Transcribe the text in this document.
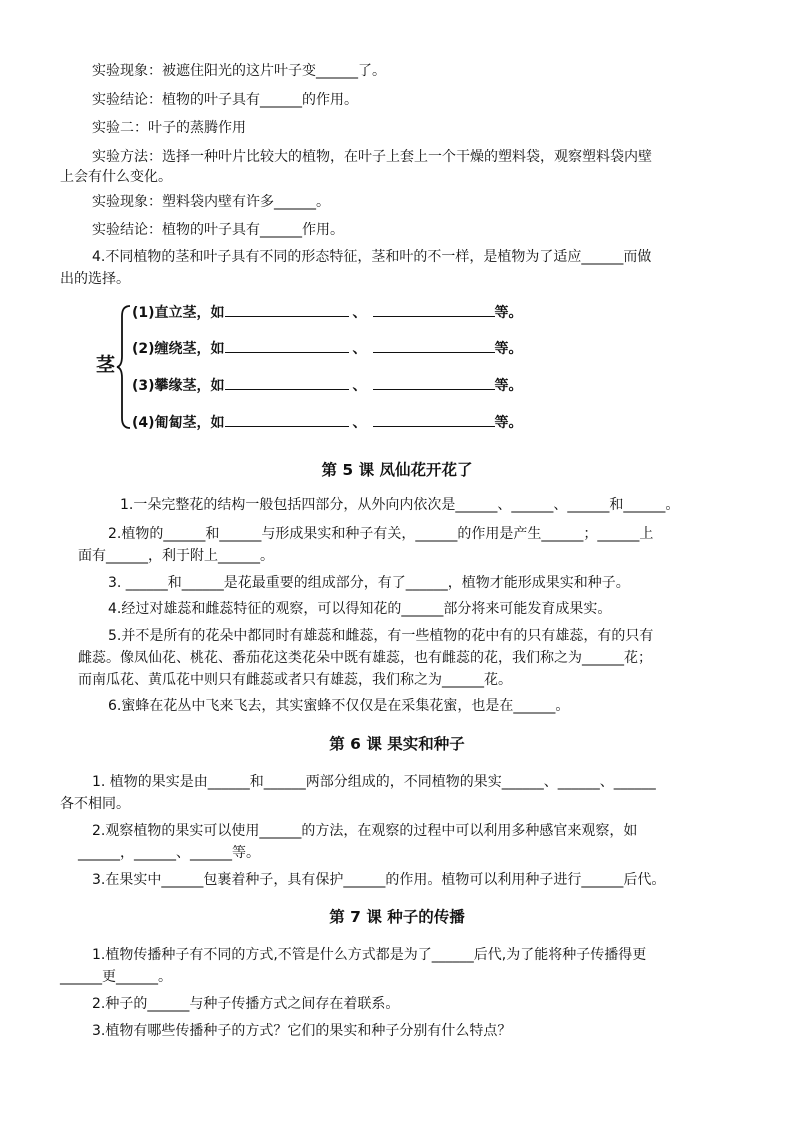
实验现象：被遮住阳光的这片叶子变______了。
实验结论：植物的叶子具有______的作用。
实验二：叶子的蒸腾作用
实验方法：选择一种叶片比较大的植物，在叶子上套上一个干燥的塑料袋，观察塑料袋内壁
上会有什么变化。
实验现象：塑料袋内壁有许多______。
实验结论：植物的叶子具有______作用。
4.不同植物的茎和叶子具有不同的形态特征，茎和叶的不一样，是植物为了适应______而做
出的选择。
茎
(1)直立茎，如	、	等。
(2)缠绕茎，如	、	等。
(3)攀缘茎，如	、	等。
(4)匍匐茎，如	、	等。
第 5 课 凤仙花开花了
1.一朵完整花的结构一般包括四部分，从外向内依次是______、______、______和______。
2.植物的______和______与形成果实和种子有关，______的作用是产生______；______上
面有______，利于附上______。
3. ______和______是花最重要的组成部分，有了______，植物才能形成果实和种子。
4.经过对雄蕊和雌蕊特征的观察，可以得知花的______部分将来可能发育成果实。
5.并不是所有的花朵中都同时有雄蕊和雌蕊，有一些植物的花中有的只有雄蕊，有的只有
雌蕊。像凤仙花、桃花、番茄花这类花朵中既有雄蕊，也有雌蕊的花，我们称之为______花；
而南瓜花、黄瓜花中则只有雌蕊或者只有雄蕊，我们称之为______花。
6.蜜蜂在花丛中飞来飞去，其实蜜蜂不仅仅是在采集花蜜，也是在______。
第 6 课 果实和种子
1. 植物的果实是由______和______两部分组成的，不同植物的果实______、______、______
各不相同。
2.观察植物的果实可以使用______的方法，在观察的过程中可以利用多种感官来观察，如
______，______、______等。
3.在果实中______包裹着种子，具有保护______的作用。植物可以利用种子进行______后代。
第 7 课 种子的传播
1.植物传播种子有不同的方式,不管是什么方式都是为了______后代,为了能将种子传播得更
______更______。
2.种子的______与种子传播方式之间存在着联系。
3.植物有哪些传播种子的方式？它们的果实和种子分别有什么特点？
